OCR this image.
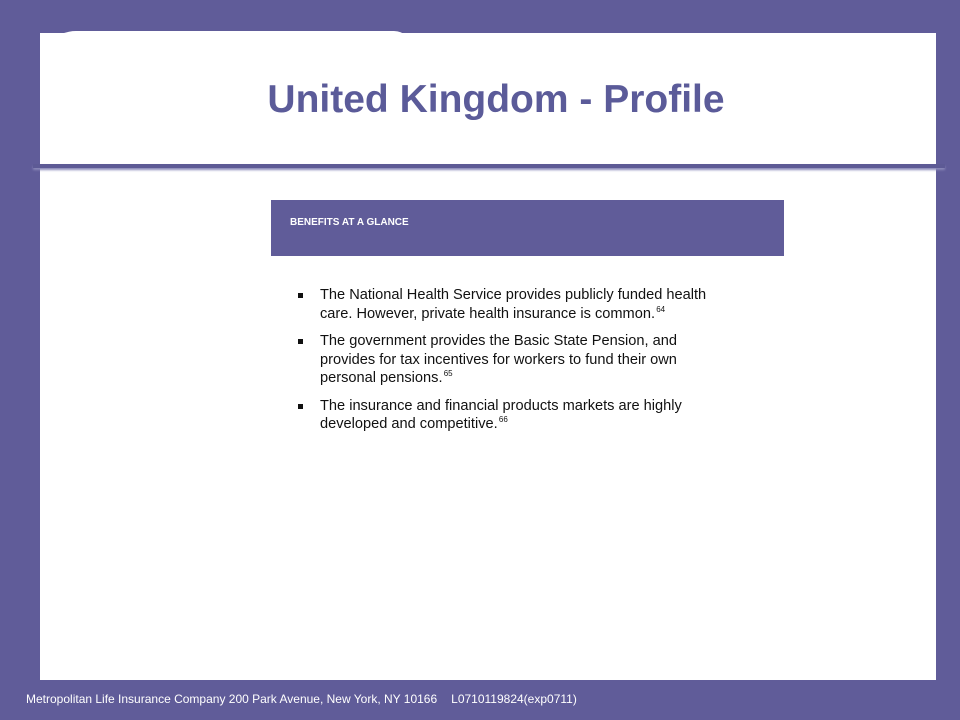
United Kingdom - Profile
BENEFITS AT A GLANCE
The National Health Service provides publicly funded health care. However, private health insurance is common. $^{64}$
The government provides the Basic State Pension, and provides for tax incentives for workers to fund their own personal pensions. $^{65}$
The insurance and financial products markets are highly developed and competitive. $^{66}$
Metropolitan Life Insurance Company 200 Park Avenue, New York, NY 10166 L0710119824(exp0711)
